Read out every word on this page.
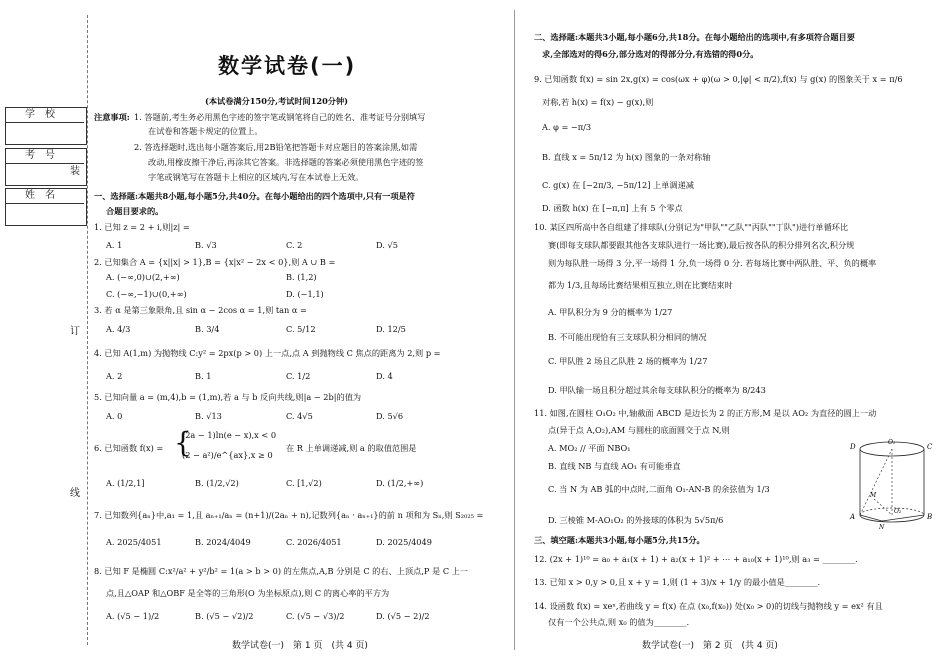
学校
考号
姓名
装
订
线
数学试卷(一)
(本试卷满分150分,考试时间120分钟)
注意事项: 1. 答题前,考生务必用黑色字迹的签字笔或钢笔将自己的姓名、准考证号分别填写
在试卷和答题卡规定的位置上。
2. 答选择题时,选出每小题答案后,用2B铅笔把答题卡对应题目的答案涂黑,如需
改动,用橡皮擦干净后,再涂其它答案。非选择题的答案必须使用黑色字迹的签
字笔或钢笔写在答题卡上相应的区域内,写在本试卷上无效。
一、选择题:本题共8小题,每小题5分,共40分。在每小题给出的四个选项中,只有一项是符
合题目要求的。
1. 已知 z = 2 + i,则|z| =
A. 1	B. √3	C. 2	D. √5
2. 已知集合 A = {x||x| > 1},B = {x|x² − 2x < 0},则 A ∪ B =
A. (−∞,0)∪(2,+∞)	B. (1,2)
C. (−∞,−1)∪(0,+∞)	D. (−1,1)
3. 若 α 是第三象限角,且 sin α − 2cos α = 1,则 tan α =
A. 4/3	B. 3/4	C. 5/12	D. 12/5
4. 已知 A(1,m) 为抛物线 C:y² = 2px(p > 0) 上一点,点 A 到抛物线 C 焦点的距离为 2,则 p =
A. 2	B. 1	C. 1/2	D. 4
5. 已知向量 a = (m,4),b = (1,m),若 a 与 b 反向共线,则|a − 2b|的值为
A. 0	B. √13	C. 4√5	D. 5√6
6. 已知函数 f(x) = {
(2a − 1)ln(e − x),x < 0
(2 − a²)/e^{ax},x ≥ 0
在 R 上单调递减,则 a 的取值范围是
A. (1/2,1]	B. (1/2,√2)	C. [1,√2)	D. (1/2,+∞)
7. 已知数列{aₙ}中,a₁ = 1,且 aₙ₊₁/aₙ = (n+1)/(2aₙ + n),记数列{aₙ · aₙ₊₁}的前 n 项和为 Sₙ,则 S₂₀₂₅ =
A. 2025/4051	B. 2024/4049	C. 2026/4051	D. 2025/4049
8. 已知 F 是椭圆 C:x²/a² + y²/b² = 1(a > b > 0) 的左焦点,A,B 分别是 C 的右、上顶点,P 是 C 上一
点,且△OAP 和△OBF 是全等的三角形(O 为坐标原点),则 C 的离心率的平方为
A. (√5 − 1)/2	B. (√5 − √2)/2	C. (√5 − √3)/2	D. (√5 − 2)/2
数学试卷(一)　第 1 页　(共 4 页)
二、选择题:本题共3小题,每小题6分,共18分。在每小题给出的选项中,有多项符合题目要
求,全部选对的得6分,部分选对的得部分分,有选错的得0分。
9. 已知函数 f(x) = sin 2x,g(x) = cos(ωx + φ)(ω > 0,|φ| < π/2),f(x) 与 g(x) 的图象关于 x = π/6
对称,若 h(x) = f(x) − g(x),则
A. φ = −π/3
B. 直线 x = 5π/12 为 h(x) 图象的一条对称轴
C. g(x) 在 [−2π/3, −5π/12] 上单调递减
D. 函数 h(x) 在 [−π,π] 上有 5 个零点
10. 某区四所高中各自组建了排球队(分别记为"甲队""乙队""丙队""丁队")进行单循环比
赛(即每支球队都要跟其他各支球队进行一场比赛),最后按各队的积分排列名次,积分规
则为每队胜一场得 3 分,平一场得 1 分,负一场得 0 分. 若每场比赛中两队胜、平、负的概率
都为 1/3,且每场比赛结果相互独立,则在比赛结束时
A. 甲队积分为 9 分的概率为 1/27
B. 不可能出现恰有三支球队积分相同的情况
C. 甲队胜 2 场且乙队胜 2 场的概率为 1/27
D. 甲队输一场且积分超过其余每支球队积分的概率为 8/243
11. 如图,在圆柱 O₁O₂ 中,轴截面 ABCD 是边长为 2 的正方形,M 是以 AO₂ 为直径的圆上一动
点(异于点 A,O₂),AM 与圆柱的底面圆交于点 N,则
A. MO₂ // 平面 NBO₁
B. 直线 NB 与直线 AO₁ 有可能垂直
C. 当 N 为 AB 弧的中点时,二面角 O₁-AN-B 的余弦值为 1/3
D. 三棱锥 M-AO₁O₂ 的外接球的体积为 5√5π/6
D
O₁
C
M
A
N
O₂
B
三、填空题:本题共3小题,每小题5分,共15分。
12. (2x + 1)¹⁰ = a₀ + a₁(x + 1) + a₂(x + 1)² + ⋯ + a₁₀(x + 1)¹⁰,则 a₃ = ________.
13. 已知 x > 0,y > 0,且 x + y = 1,则 (1 + 3)/x + 1/y 的最小值是________.
14. 设函数 f(x) = xeˣ,若曲线 y = f(x) 在点 (x₀,f(x₀)) 处(x₀ > 0)的切线与抛物线 y = ex² 有且
仅有一个公共点,则 x₀ 的值为________.
数学试卷(一)　第 2 页　(共 4 页)
